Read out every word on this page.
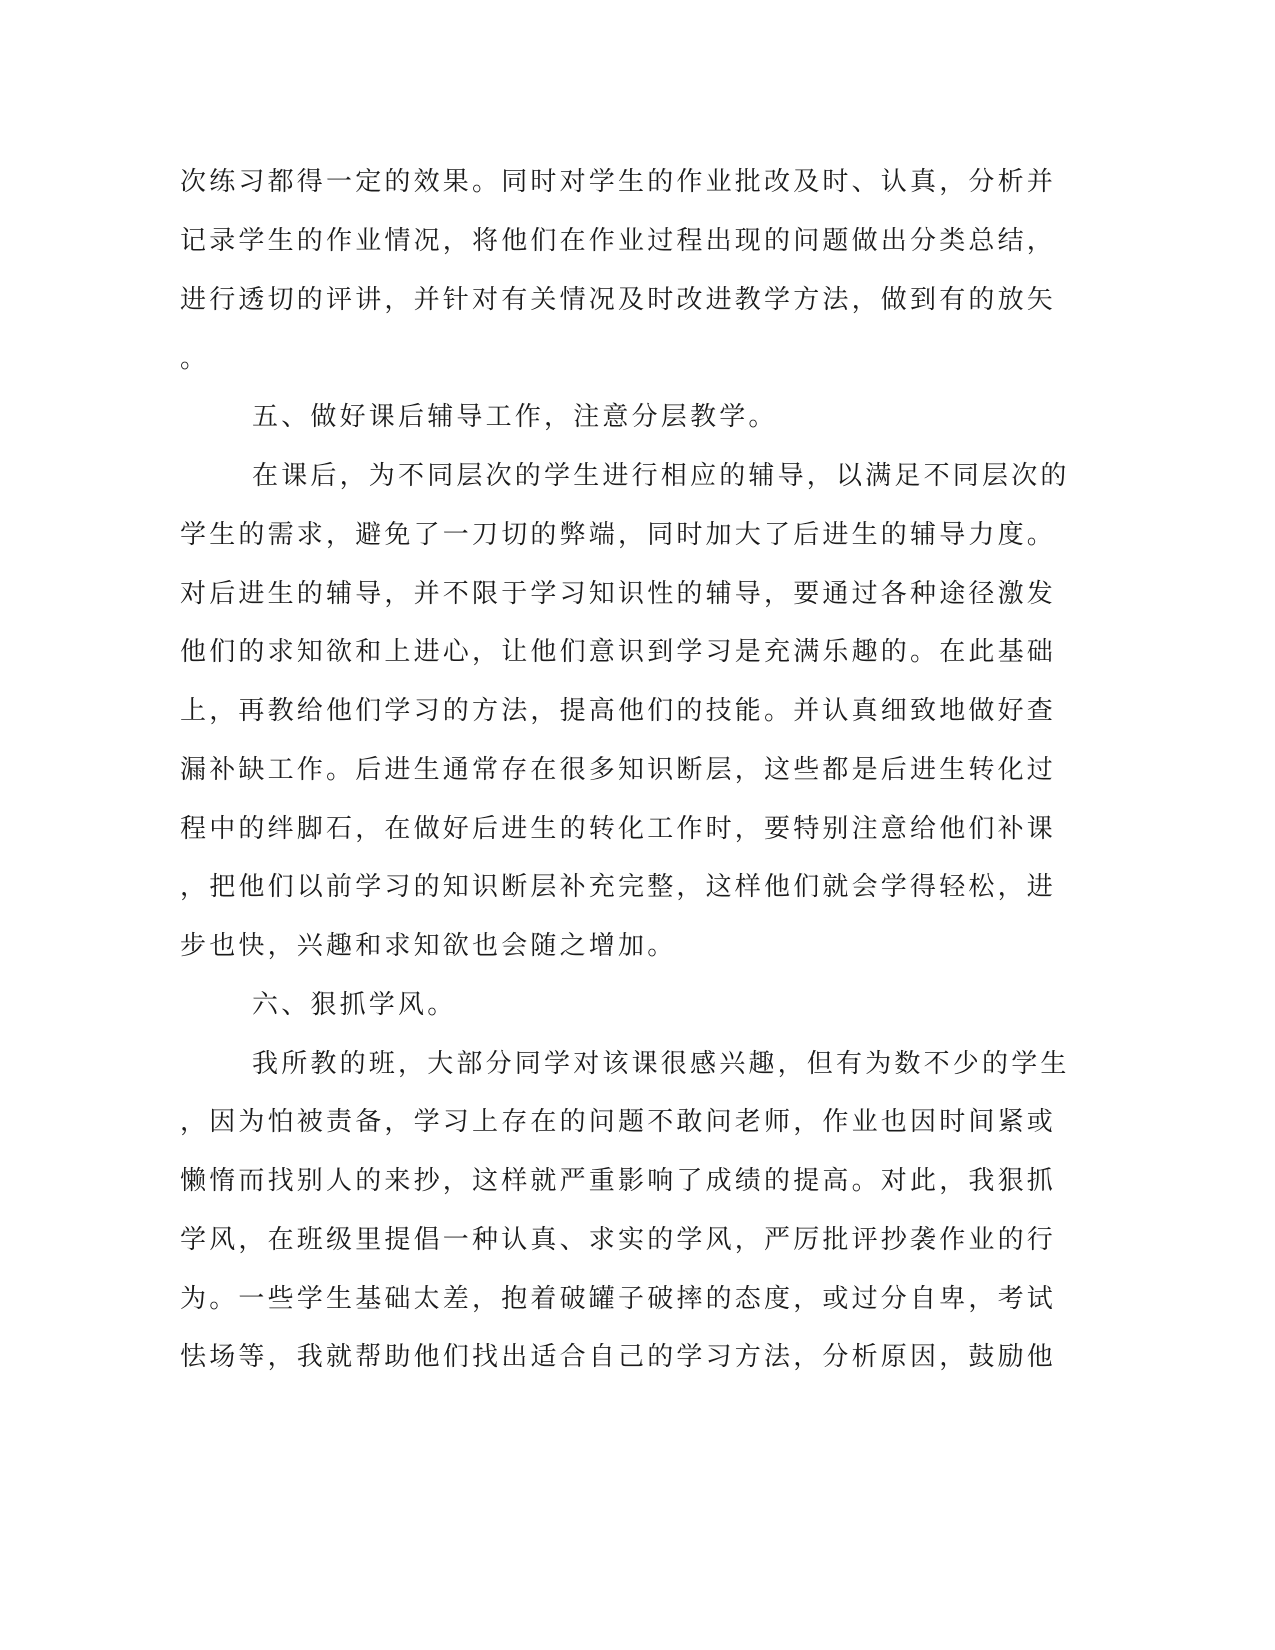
次练习都得一定的效果。同时对学生的作业批改及时、认真，分析并
记录学生的作业情况，将他们在作业过程出现的问题做出分类总结，
进行透切的评讲，并针对有关情况及时改进教学方法，做到有的放矢
。
五、做好课后辅导工作，注意分层教学。
在课后，为不同层次的学生进行相应的辅导，以满足不同层次的
学生的需求，避免了一刀切的弊端，同时加大了后进生的辅导力度。
对后进生的辅导，并不限于学习知识性的辅导，要通过各种途径激发
他们的求知欲和上进心，让他们意识到学习是充满乐趣的。在此基础
上，再教给他们学习的方法，提高他们的技能。并认真细致地做好查
漏补缺工作。后进生通常存在很多知识断层，这些都是后进生转化过
程中的绊脚石，在做好后进生的转化工作时，要特别注意给他们补课
，把他们以前学习的知识断层补充完整，这样他们就会学得轻松，进
步也快，兴趣和求知欲也会随之增加。
六、狠抓学风。
我所教的班，大部分同学对该课很感兴趣，但有为数不少的学生
，因为怕被责备，学习上存在的问题不敢问老师，作业也因时间紧或
懒惰而找别人的来抄，这样就严重影响了成绩的提高。对此，我狠抓
学风，在班级里提倡一种认真、求实的学风，严厉批评抄袭作业的行
为。一些学生基础太差，抱着破罐子破摔的态度，或过分自卑，考试
怯场等，我就帮助他们找出适合自己的学习方法，分析原因，鼓励他
